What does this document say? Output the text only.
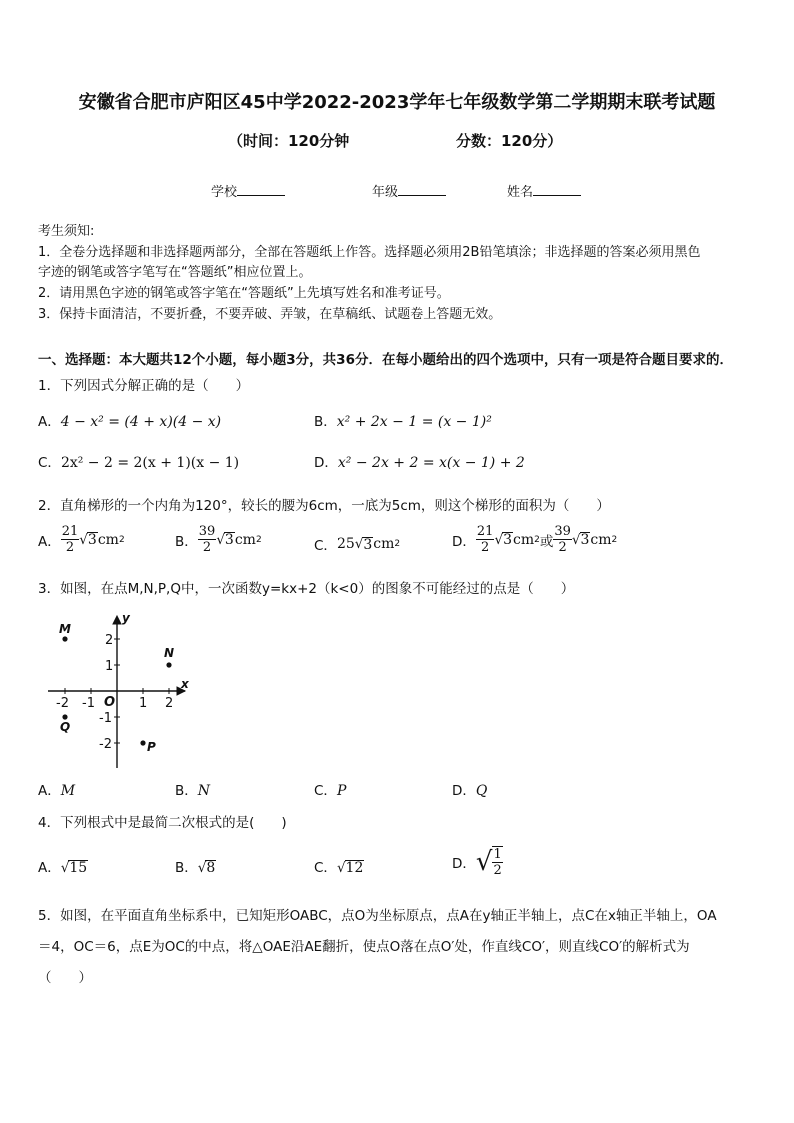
安徽省合肥市庐阳区45中学2022-2023学年七年级数学第二学期期末联考试题
（时间：120分钟	分数：120分）
学校	年级	姓名
考生须知:
1．全卷分选择题和非选择题两部分，全部在答题纸上作答。选择题必须用2B铅笔填涂；非选择题的答案必须用黑色
字迹的钢笔或答字笔写在“答题纸”相应位置上。
2．请用黑色字迹的钢笔或答字笔在“答题纸”上先填写姓名和准考证号。
3．保持卡面清洁，不要折叠，不要弄破、弄皱，在草稿纸、试题卷上答题无效。
一、选择题：本大题共12个小题，每小题3分，共36分．在每小题给出的四个选项中，只有一项是符合题目要求的．
1．下列因式分解正确的是（　　）
A．4 − x² = (4 + x)(4 − x)	B．x² + 2x − 1 = (x − 1)²
C．2x² − 2 = 2(x + 1)(x − 1)	D．x² − 2x + 2 = x(x − 1) + 2
2．直角梯形的一个内角为120°，较长的腰为6cm，一底为5cm，则这个梯形的面积为（　　）
A． $\frac{21}{2}$ √ 3 cm 2	B． $\frac{39}{2}$ √ 3 cm 2	C． 25 √ 3 cm 2	D． $\frac{21}{2}$ √ 3 cm 2 或 $\frac{39}{2}$ √ 3 cm 2
3．如图，在点M,N,P,Q中，一次函数y=kx+2（k<0）的图象不可能经过的点是（　　）
x
y
O
-2 -1	1 2
2
1
-1
-2
M
N
Q
P
A．M	B．N	C．P	D．Q
4．下列根式中是最简二次根式的是(　　)
A．√15	B．√8	C．√12	D． √ $\frac{1}{2}$
5．如图，在平面直角坐标系中，已知矩形OABC，点O为坐标原点，点A在y轴正半轴上，点C在x轴正半轴上，OA
＝4，OC＝6，点E为OC的中点，将△OAE沿AE翻折，使点O落在点O′处，作直线CO′，则直线CO′的解析式为
（　　）
